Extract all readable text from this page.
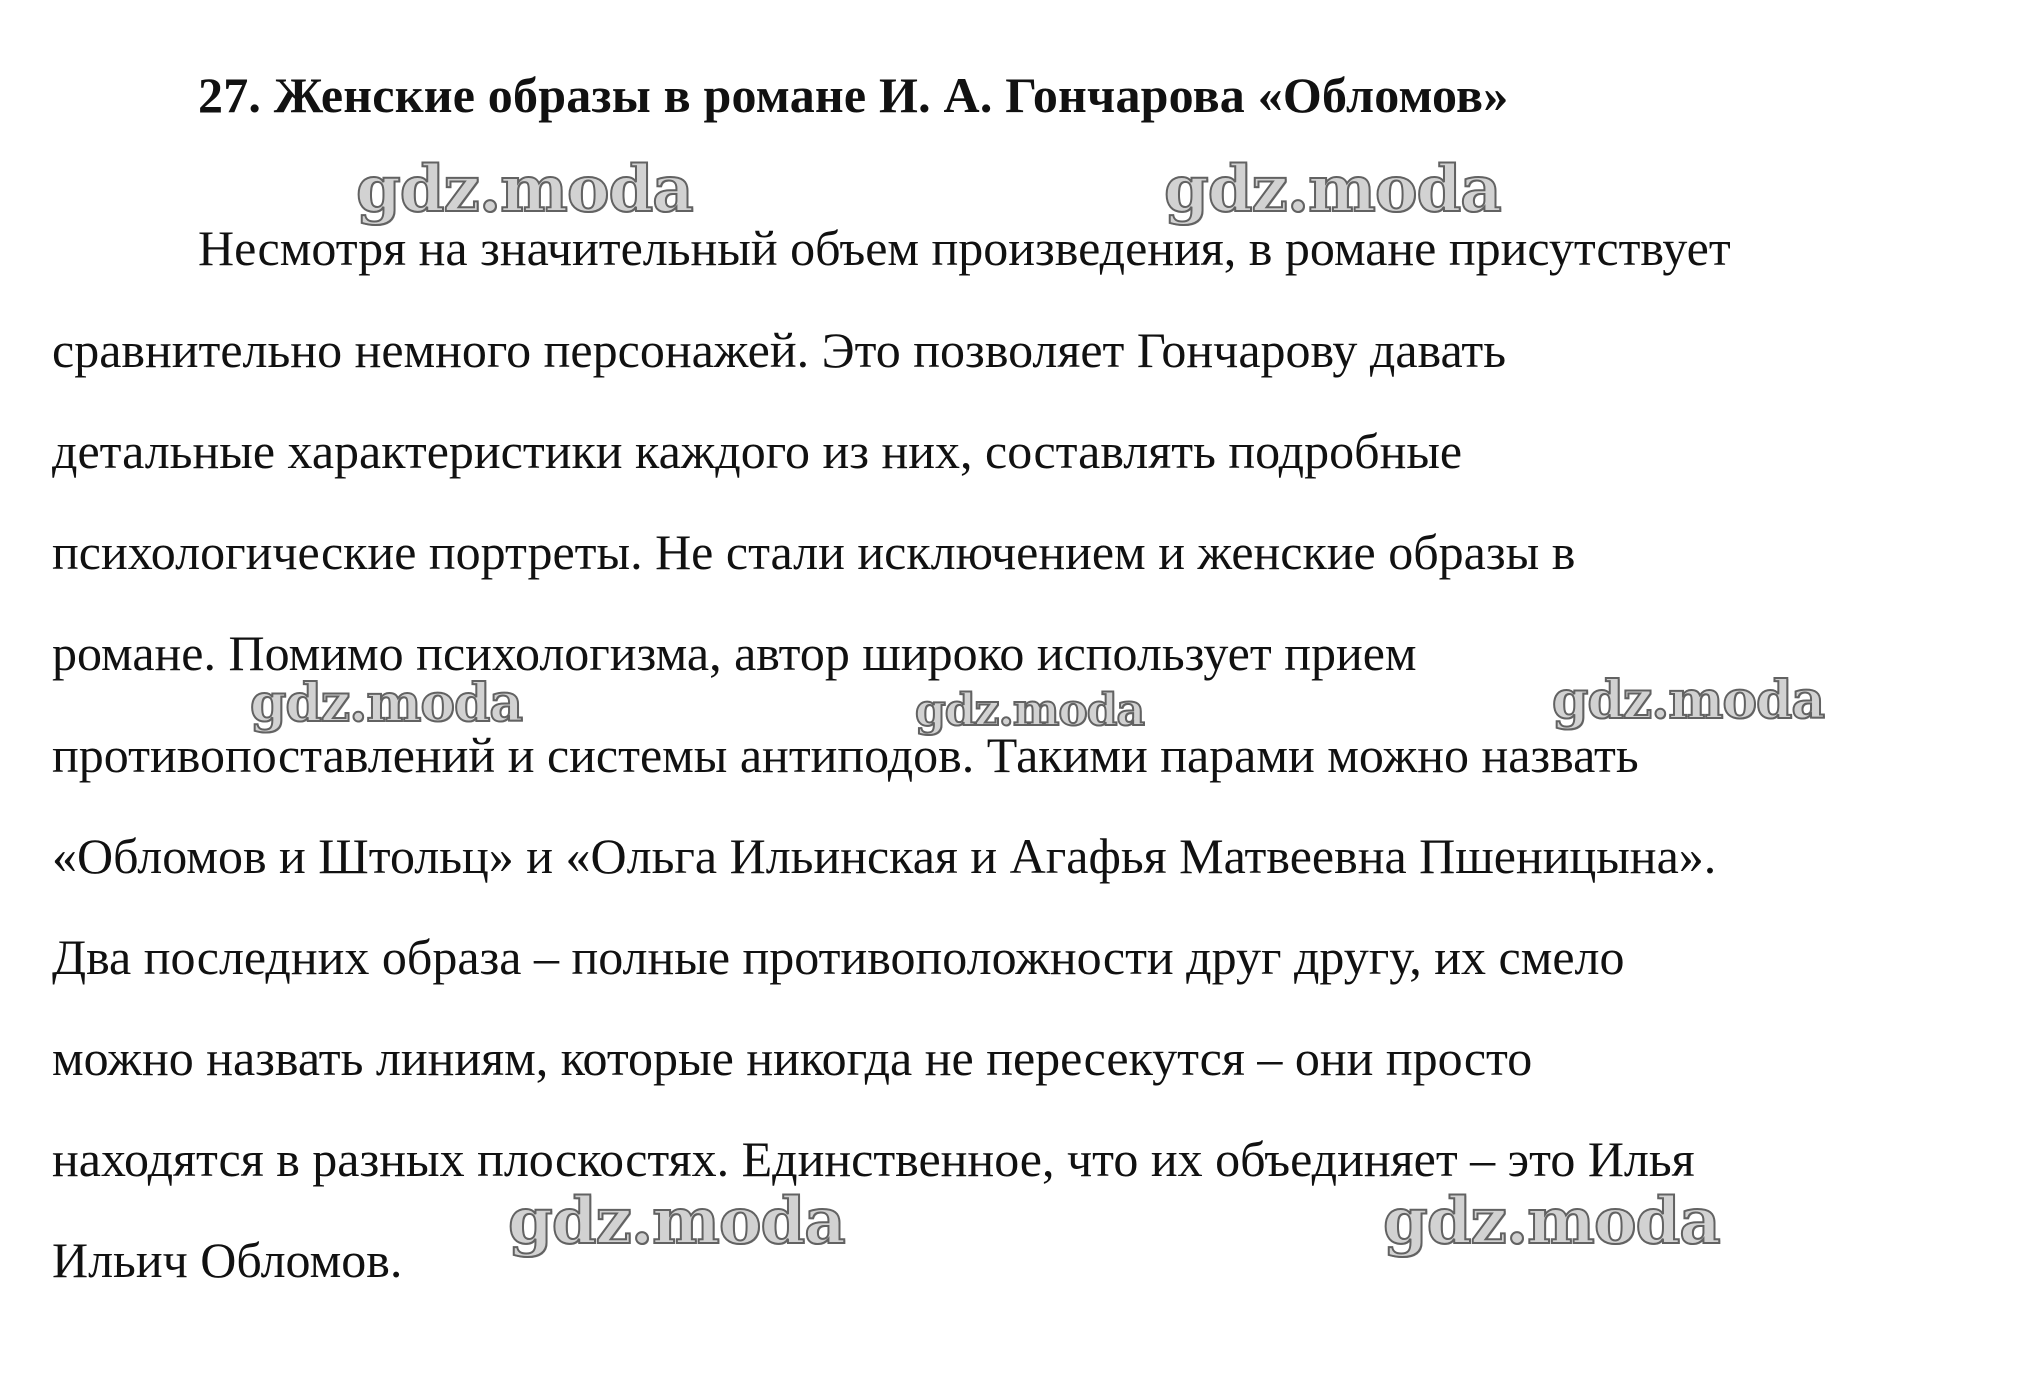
27. Женские образы в романе И. А. Гончарова «Обломов»

Несмотря на значительный объем произведения, в романе присутствует

сравнительно немного персонажей. Это позволяет Гончарову давать

детальные характеристики каждого из них, составлять подробные

психологические портреты. Не стали исключением и женские образы в

романе. Помимо психологизма, автор широко использует прием

противопоставлений и системы антиподов. Такими парами можно назвать

«Обломов и Штольц» и «Ольга Ильинская и Агафья Матвеевна Пшеницына».

Два последних образа – полные противоположности друг другу, их смело

можно назвать линиям, которые никогда не пересекутся – они просто

находятся в разных плоскостях. Единственное, что их объединяет – это Илья

Ильич Обломов.

gdz.moda	gdz.moda
gdz.moda	gdz.moda	gdz.moda
gdz.moda	gdz.moda
